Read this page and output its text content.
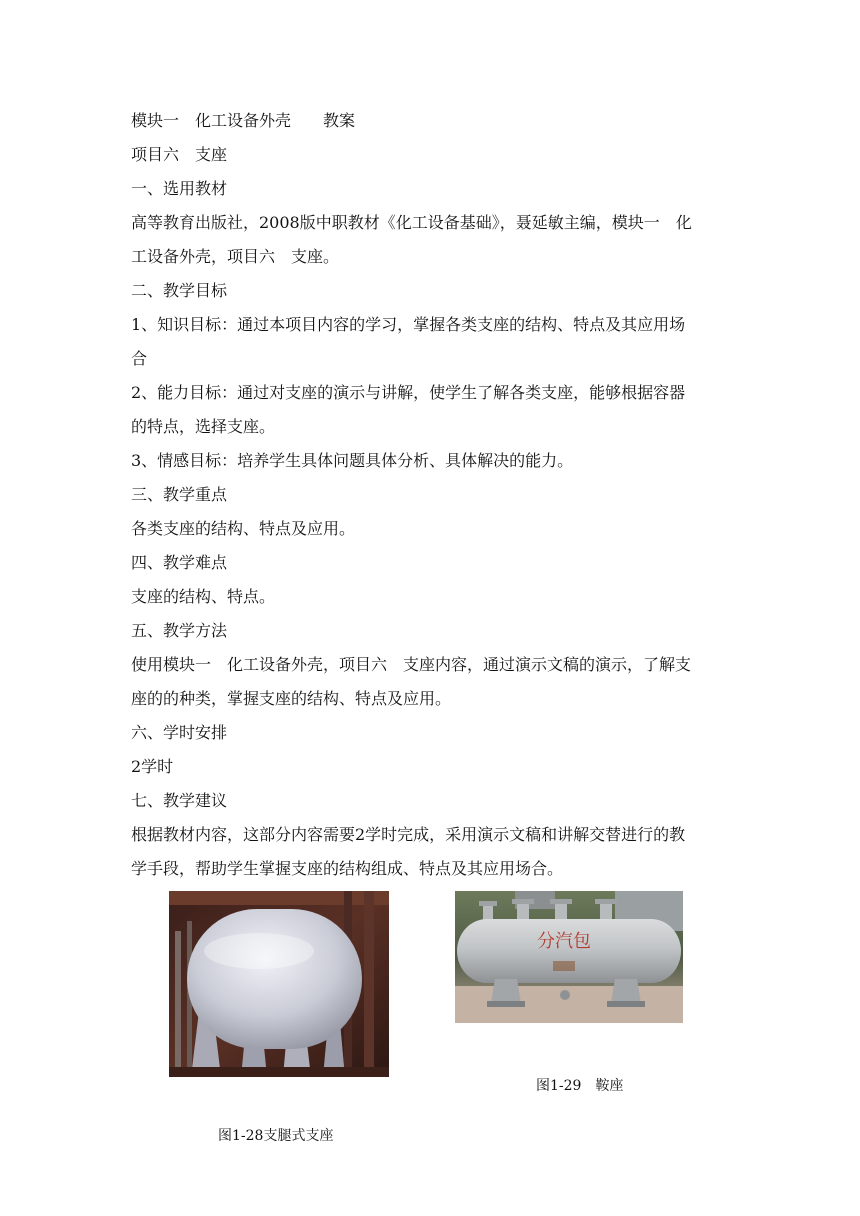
模块一　化工设备外壳　　教案
项目六　支座
一、选用教材
高等教育出版社，2008版中职教材《化工设备基础》，聂延敏主编，模块一　化
工设备外壳，项目六　支座。
二、教学目标
1、知识目标：通过本项目内容的学习，掌握各类支座的结构、特点及其应用场
合
2、能力目标：通过对支座的演示与讲解，使学生了解各类支座，能够根据容器
的特点，选择支座。
3、情感目标：培养学生具体问题具体分析、具体解决的能力。
三、教学重点
各类支座的结构、特点及应用。
四、教学难点
支座的结构、特点。
五、教学方法
使用模块一　化工设备外壳，项目六　支座内容，通过演示文稿的演示，了解支
座的的种类，掌握支座的结构、特点及应用。
六、学时安排
2学时
七、教学建议
根据教材内容，这部分内容需要2学时完成，采用演示文稿和讲解交替进行的教
学手段，帮助学生掌握支座的结构组成、特点及其应用场合。
分汽包
图1-29　鞍座
图1-28支腿式支座
